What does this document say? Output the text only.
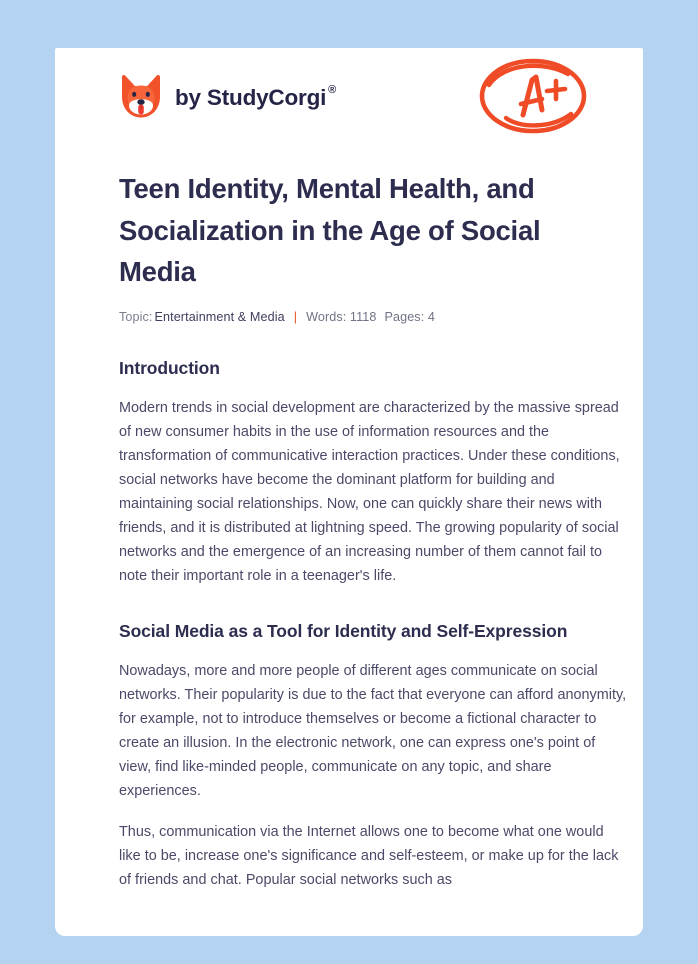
by StudyCorgi ®
Teen Identity, Mental Health, and Socialization in the Age of Social Media
Topic: Entertainment & Media | Words: 1118 Pages: 4
Introduction

Modern trends in social development are characterized by the massive spread of new consumer habits in the use of information resources and the transformation of communicative interaction practices. Under these conditions, social networks have become the dominant platform for building and maintaining social relationships. Now, one can quickly share their news with friends, and it is distributed at lightning speed. The growing popularity of social networks and the emergence of an increasing number of them cannot fail to note their important role in a teenager's life.

Social Media as a Tool for Identity and Self-Expression

Nowadays, more and more people of different ages communicate on social networks. Their popularity is due to the fact that everyone can afford anonymity, for example, not to introduce themselves or become a fictional character to create an illusion. In the electronic network, one can express one's point of view, find like-minded people, communicate on any topic, and share experiences.

Thus, communication via the Internet allows one to become what one would like to be, increase one's significance and self-esteem, or make up for the lack of friends and chat. Popular social networks such as
